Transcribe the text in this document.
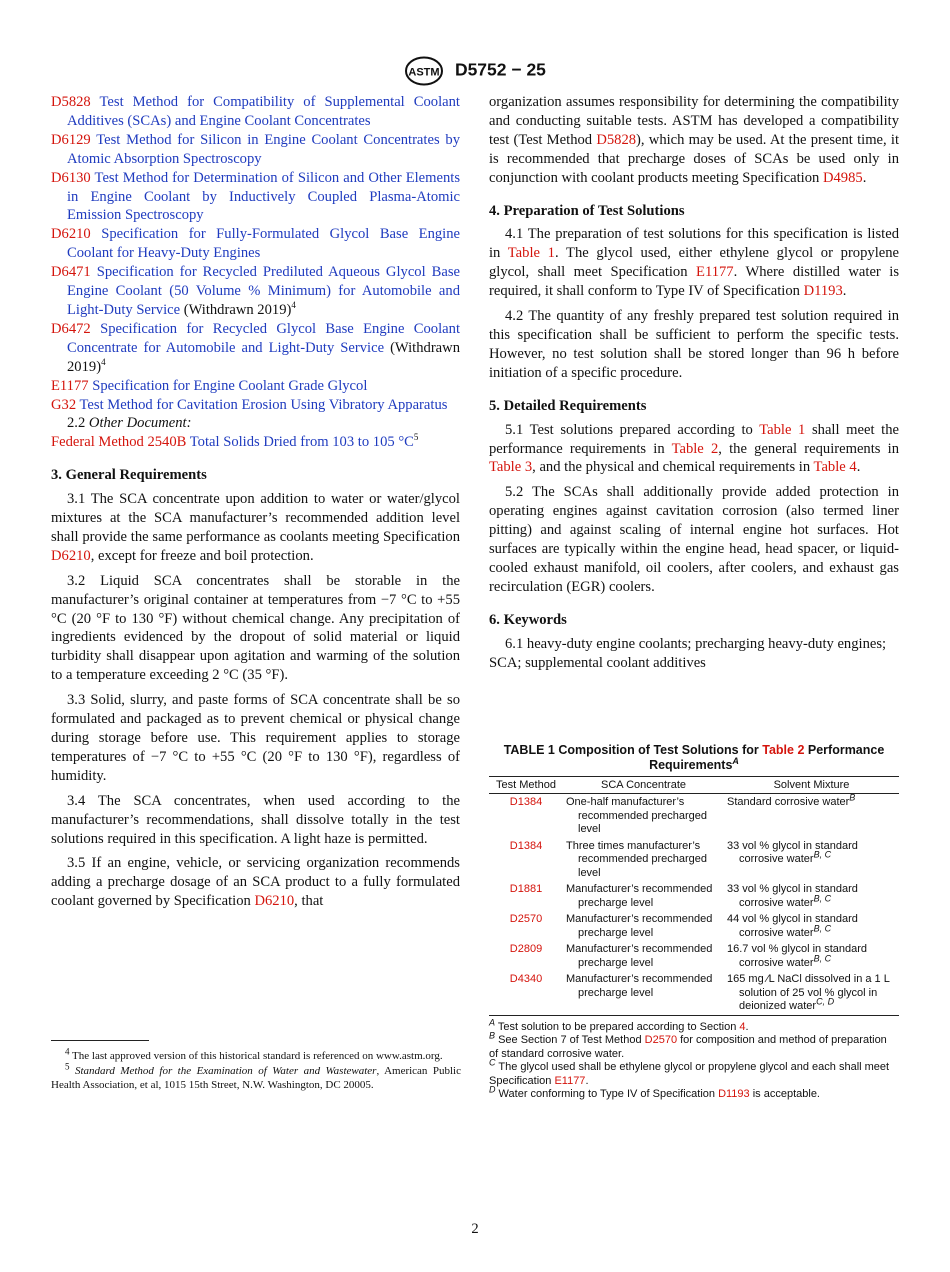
ASTM D5752 − 25

D5828 Test Method for Compatibility of Supplemental Coolant Additives (SCAs) and Engine Coolant Concentrates

D6129 Test Method for Silicon in Engine Coolant Concentrates by Atomic Absorption Spectroscopy

D6130 Test Method for Determination of Silicon and Other Elements in Engine Coolant by Inductively Coupled Plasma-Atomic Emission Spectroscopy

D6210 Specification for Fully-Formulated Glycol Base Engine Coolant for Heavy-Duty Engines

D6471 Specification for Recycled Prediluted Aqueous Glycol Base Engine Coolant (50 Volume % Minimum) for Automobile and Light-Duty Service (Withdrawn 2019)$^4$

D6472 Specification for Recycled Glycol Base Engine Coolant Concentrate for Automobile and Light-Duty Service (Withdrawn 2019)$^4$

E1177 Specification for Engine Coolant Grade Glycol

G32 Test Method for Cavitation Erosion Using Vibratory Apparatus

2.2 Other Document:

Federal Method 2540B Total Solids Dried from 103 to 105 $^\circ C^5$

3. General Requirements

3.1 The SCA concentrate upon addition to water or water/glycol mixtures at the SCA manufacturer’s recommended addition level shall provide the same performance as coolants meeting Specification D6210, except for freeze and boil protection.

3.2 Liquid SCA concentrates shall be storable in the manufacturer’s original container at temperatures from −7 °C to +55 °C (20 °F to 130 °F) without chemical change. Any precipitation of ingredients evidenced by the dropout of solid material or liquid turbidity shall disappear upon agitation and warming of the solution to a temperature exceeding 2 °C (35 °F).

3.3 Solid, slurry, and paste forms of SCA concentrate shall be so formulated and packaged as to prevent chemical or physical change during storage before use. This requirement applies to storage temperatures of −7 °C to +55 °C (20 °F to 130 °F), regardless of humidity.

3.4 The SCA concentrates, when used according to the manufacturer’s recommendations, shall dissolve totally in the test solutions required in this specification. A light haze is permitted.

3.5 If an engine, vehicle, or servicing organization recommends adding a precharge dosage of an SCA product to a fully formulated coolant governed by Specification D6210, that

organization assumes responsibility for determining the compatibility and conducting suitable tests. ASTM has developed a compatibility test (Test Method D5828), which may be used. At the present time, it is recommended that precharge doses of SCAs be used only in conjunction with coolant products meeting Specification D4985.

4. Preparation of Test Solutions

4.1 The preparation of test solutions for this specification is listed in Table 1. The glycol used, either ethylene glycol or propylene glycol, shall meet Specification E1177. Where distilled water is required, it shall conform to Type IV of Specification D1193.

4.2 The quantity of any freshly prepared test solution required in this specification shall be sufficient to perform the specific tests. However, no test solution shall be stored longer than 96 h before initiation of a specific procedure.

5. Detailed Requirements

5.1 Test solutions prepared according to Table 1 shall meet the performance requirements in Table 2, the general requirements in Table 3, and the physical and chemical requirements in Table 4.

5.2 The SCAs shall additionally provide added protection in operating engines against cavitation corrosion (also termed liner pitting) and against scaling of internal engine hot surfaces. Hot surfaces are typically within the engine head, head spacer, or liquid-cooled exhaust manifold, oil coolers, after coolers, and exhaust gas recirculation (EGR) coolers.

6. Keywords

6.1 heavy-duty engine coolants; precharging heavy-duty engines; SCA; supplemental coolant additives

TABLE 1 Composition of Test Solutions for Table 2 Performance Requirements$^A$
Test Method	SCA Concentrate	Solvent Mixture
D1384	One-half manufacturer’s recommended precharged level	Standard corrosive water$^B$

D1384	Three times manufacturer’s recommended precharged level	33 vol % glycol in standard corrosive water$^{B, C}$

D1881	Manufacturer’s recommended precharge level	33 vol % glycol in standard corrosive water$^{B, C}$

D2570	Manufacturer’s recommended precharge level	44 vol % glycol in standard corrosive water$^{B, C}$

D2809	Manufacturer’s recommended precharge level	16.7 vol % glycol in standard corrosive water$^{B, C}$

D4340	Manufacturer’s recommended precharge level	165 mg ⁄L NaCl dissolved in a 1 L solution of 25 vol % glycol in deionized water$^{C, D}$

$^A$ Test solution to be prepared according to Section 4.

$^B$ See Section 7 of Test Method D2570 for composition and method of preparation of standard corrosive water.

$^C$ The glycol used shall be ethylene glycol or propylene glycol and each shall meet Specification E1177.

$^D$ Water conforming to Type IV of Specification D1193 is acceptable.

$^4$ The last approved version of this historical standard is referenced on www.astm.org.

$^5$ Standard Method for the Examination of Water and Wastewater, American Public Health Association, et al, 1015 15th Street, N.W. Washington, DC 20005.

2
